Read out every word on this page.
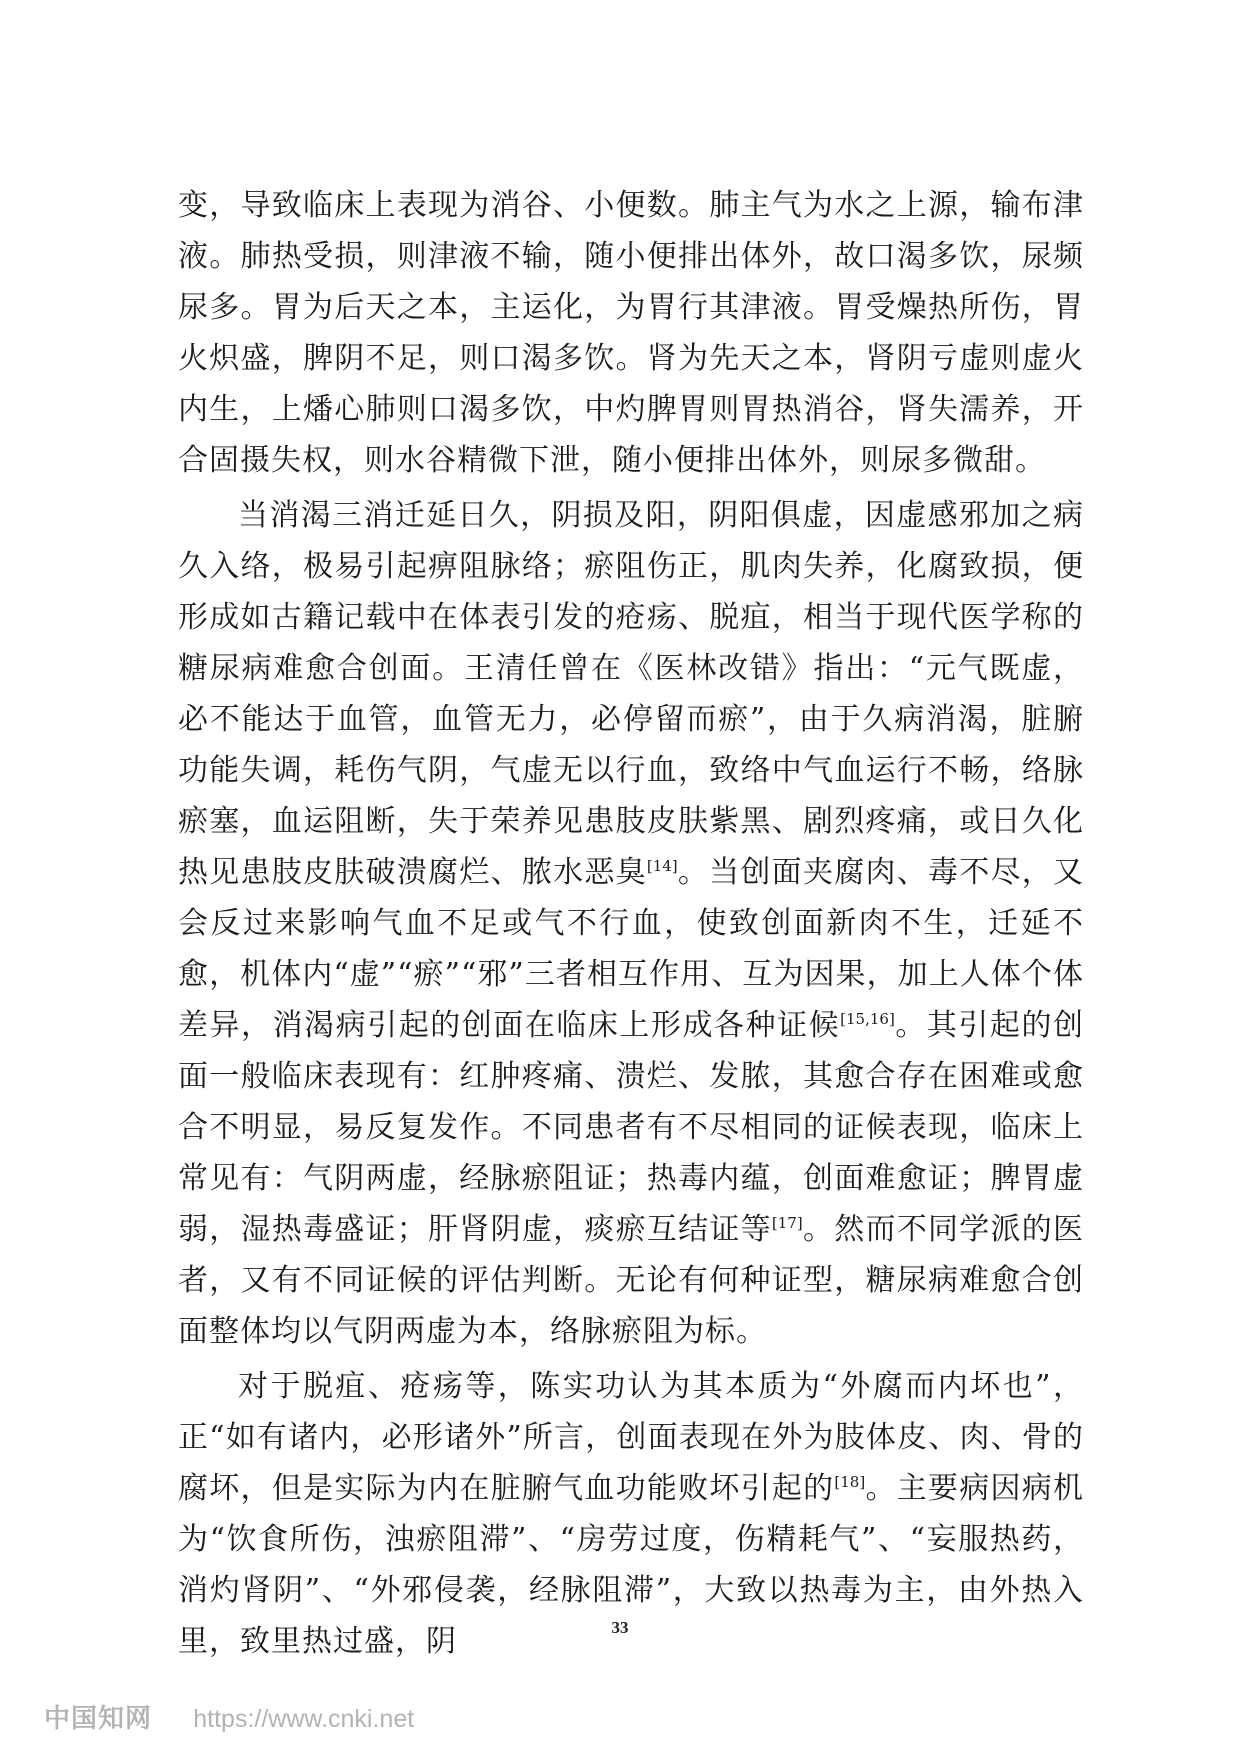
变，导致临床上表现为消谷、小便数。肺主气为水之上源，输布津液。肺热受损，则津液不输，随小便排出体外，故口渴多饮，尿频尿多。胃为后天之本，主运化，为胃行其津液。胃受燥热所伤，胃火炽盛，脾阴不足，则口渴多饮。肾为先天之本，肾阴亏虚则虚火内生，上燔心肺则口渴多饮，中灼脾胃则胃热消谷，肾失濡养，开合固摄失权，则水谷精微下泄，随小便排出体外，则尿多微甜。

当消渴三消迁延日久，阴损及阳，阴阳俱虚，因虚感邪加之病久入络，极易引起痹阻脉络；瘀阻伤正，肌肉失养，化腐致损，便形成如古籍记载中在体表引发的疮疡、脱疽，相当于现代医学称的糖尿病难愈合创面。王清任曾在《医林改错》指出：“元气既虚，必不能达于血管，血管无力，必停留而瘀”，由于久病消渴，脏腑功能失调，耗伤气阴，气虚无以行血，致络中气血运行不畅，络脉瘀塞，血运阻断，失于荣养见患肢皮肤紫黑、剧烈疼痛，或日久化热见患肢皮肤破溃腐烂、脓水恶臭[14]。当创面夹腐肉、毒不尽，又会反过来影响气血不足或气不行血，使致创面新肉不生，迁延不愈，机体内“虚”“瘀”“邪”三者相互作用、互为因果，加上人体个体差异，消渴病引起的创面在临床上形成各种证候[15,16]。其引起的创面一般临床表现有：红肿疼痛、溃烂、发脓，其愈合存在困难或愈合不明显，易反复发作。不同患者有不尽相同的证候表现，临床上常见有：气阴两虚，经脉瘀阻证；热毒内蕴，创面难愈证；脾胃虚弱，湿热毒盛证；肝肾阴虚，痰瘀互结证等[17]。然而不同学派的医者，又有不同证候的评估判断。无论有何种证型，糖尿病难愈合创面整体均以气阴两虚为本，络脉瘀阻为标。

对于脱疽、疮疡等，陈实功认为其本质为“外腐而内坏也”，正“如有诸内，必形诸外”所言，创面表现在外为肢体皮、肉、骨的腐坏，但是实际为内在脏腑气血功能败坏引起的[18]。主要病因病机为“饮食所伤，浊瘀阻滞”、“房劳过度，伤精耗气”、“妄服热药，消灼肾阴”、“外邪侵袭，经脉阻滞”，大致以热毒为主，由外热入里，致里热过盛，阴	33
中国知网 https://www.cnki.net
